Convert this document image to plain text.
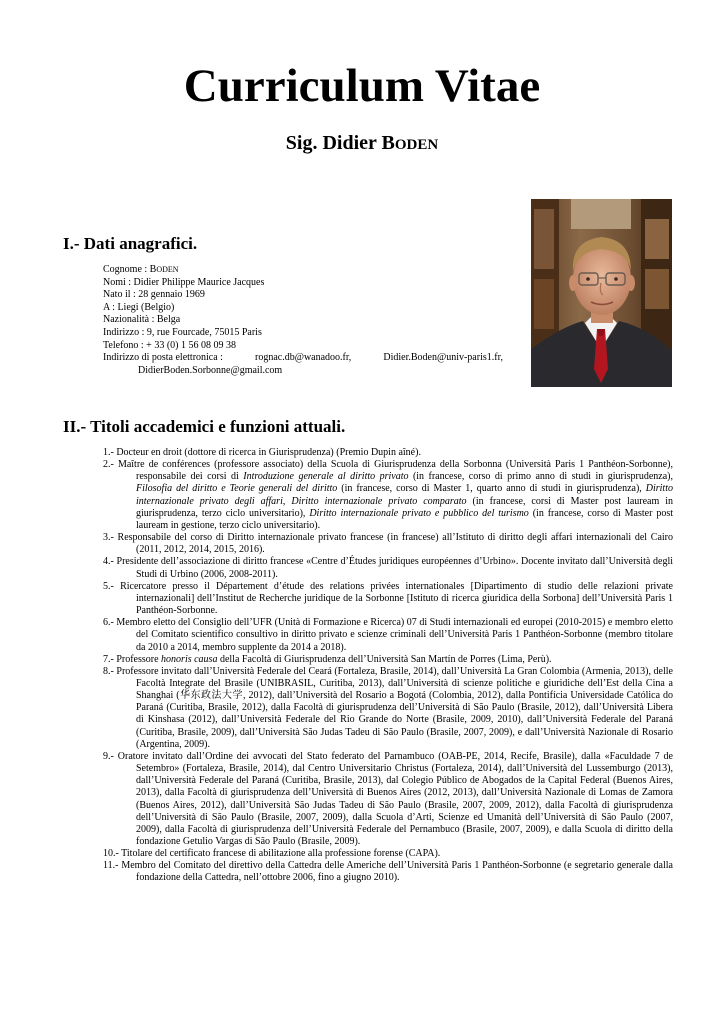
Curriculum Vitae
Sig. Didier BODEN
I.- Dati anagrafici.
Cognome : BODEN
Nomi : Didier Philippe Maurice Jacques
Nato il : 28 gennaio 1969
A : Liegi (Belgio)
Nazionalità : Belga
Indirizzo : 9, rue Fourcade, 75015 Paris
Telefono : + 33 (0) 1 56 08 09 38
Indirizzo di posta elettronica :	rognac.db@wanadoo.fr,	Didier.Boden@univ-paris1.fr,
DidierBoden.Sorbonne@gmail.com
II.- Titoli accademici e funzioni attuali.

1.- Docteur en droit (dottore di ricerca in Giurisprudenza) (Premio Dupin aîné).

2.- Maître de conférences (professore associato) della Scuola di Giurisprudenza della Sorbonna (Università Paris 1 Panthéon-Sorbonne), responsabile dei corsi di Introduzione generale al diritto privato (in francese, corso di primo anno di studi in giurisprudenza), Filosofia del diritto e Teorie generali del diritto (in francese, corso di Master 1, quarto anno di studi in giurisprudenza), Diritto internazionale privato degli affari, Diritto internazionale privato comparato (in francese, corsi di Master post lauream in giurisprudenza, terzo ciclo universitario), Diritto internazionale privato e pubblico del turismo (in francese, corso di Master post lauream in gestione, terzo ciclo universitario).

3.- Responsabile del corso di Diritto internazionale privato francese (in francese) all’Istituto di diritto degli affari internazionali del Cairo (2011, 2012, 2014, 2015, 2016).

4.- Presidente dell’associazione di diritto francese «Centre d’Études juridiques européennes d’Urbino». Docente invitato dall’Università degli Studi di Urbino (2006, 2008-2011).

5.- Ricercatore presso il Département d’étude des relations privées internationales [Dipartimento di studio delle relazioni private internazionali] dell’Institut de Recherche juridique de la Sorbonne [Istituto di ricerca giuridica della Sorbona] dell’Università Paris 1 Panthéon-Sorbonne.

6.- Membro eletto del Consiglio dell’UFR (Unità di Formazione e Ricerca) 07 di Studi internazionali ed europei (2010-2015) e membro eletto del Comitato scientifico consultivo in diritto privato e scienze criminali dell’Università Paris 1 Panthéon-Sorbonne (membro titolare da 2010 a 2014, membro supplente da 2014 a 2018).

7.- Professore honoris causa della Facoltà di Giurisprudenza dell’Università San Martín de Porres (Lima, Perù).

8.- Professore invitato dall’Università Federale del Ceará (Fortaleza, Brasile, 2014), dall’Università La Gran Colombia (Armenia, 2013), delle Facoltà Integrate del Brasile (UNIBRASIL, Curitiba, 2013), dall’Università di scienze politiche e giuridiche dell’Est della Cina a Shanghai (华东政法大学, 2012), dall’Università del Rosario a Bogotá (Colombia, 2012), dalla Pontifícia Universidade Católica do Paraná (Curitiba, Brasile, 2012), dalla Facoltà di giurisprudenza dell’Università di São Paulo (Brasile, 2012), dall’Università Libera di Kinshasa (2012), dall’Università Federale del Rio Grande do Norte (Brasile, 2009, 2010), dall’Università Federale del Paraná (Curitiba, Brasile, 2009), dall’Università São Judas Tadeu di São Paulo (Brasile, 2007, 2009), e dall’Università Nazionale di Rosario (Argentina, 2009).

9.- Oratore invitato dall’Ordine dei avvocati del Stato federato del Parnambuco (OAB-PE, 2014, Recife, Brasile), dalla «Faculdade 7 de Setembro» (Fortaleza, Brasile, 2014), dal Centro Universitario Christus (Fortaleza, 2014), dall’Università del Lussemburgo (2013), dall’Università Federale del Paraná (Curitiba, Brasile, 2013), dal Colegio Público de Abogados de la Capital Federal (Buenos Aires, 2013), dalla Facoltà di giurisprudenza dell’Università di Buenos Aires (2012, 2013), dall’Università Nazionale di Lomas de Zamora (Buenos Aires, 2012), dall’Università São Judas Tadeu di São Paulo (Brasile, 2007, 2009, 2012), dalla Facoltà di giurisprudenza dell’Università di São Paulo (Brasile, 2007, 2009), dalla Scuola d’Arti, Scienze ed Umanità dell’Università di São Paulo (2007, 2009), dalla Facoltà di giurisprudenza dell’Università Federale del Pernambuco (Brasile, 2007, 2009), e dalla Scuola di diritto della fondazione Getulio Vargas di São Paulo (Brasile, 2009).

10.- Titolare del certificato francese di abilitazione alla professione forense (CAPA).

11.- Membro del Comitato del direttivo della Cattedra delle Americhe dell’Università Paris 1 Panthéon-Sorbonne (e segretario generale dalla fondazione della Cattedra, nell’ottobre 2006, fino a giugno 2010).
